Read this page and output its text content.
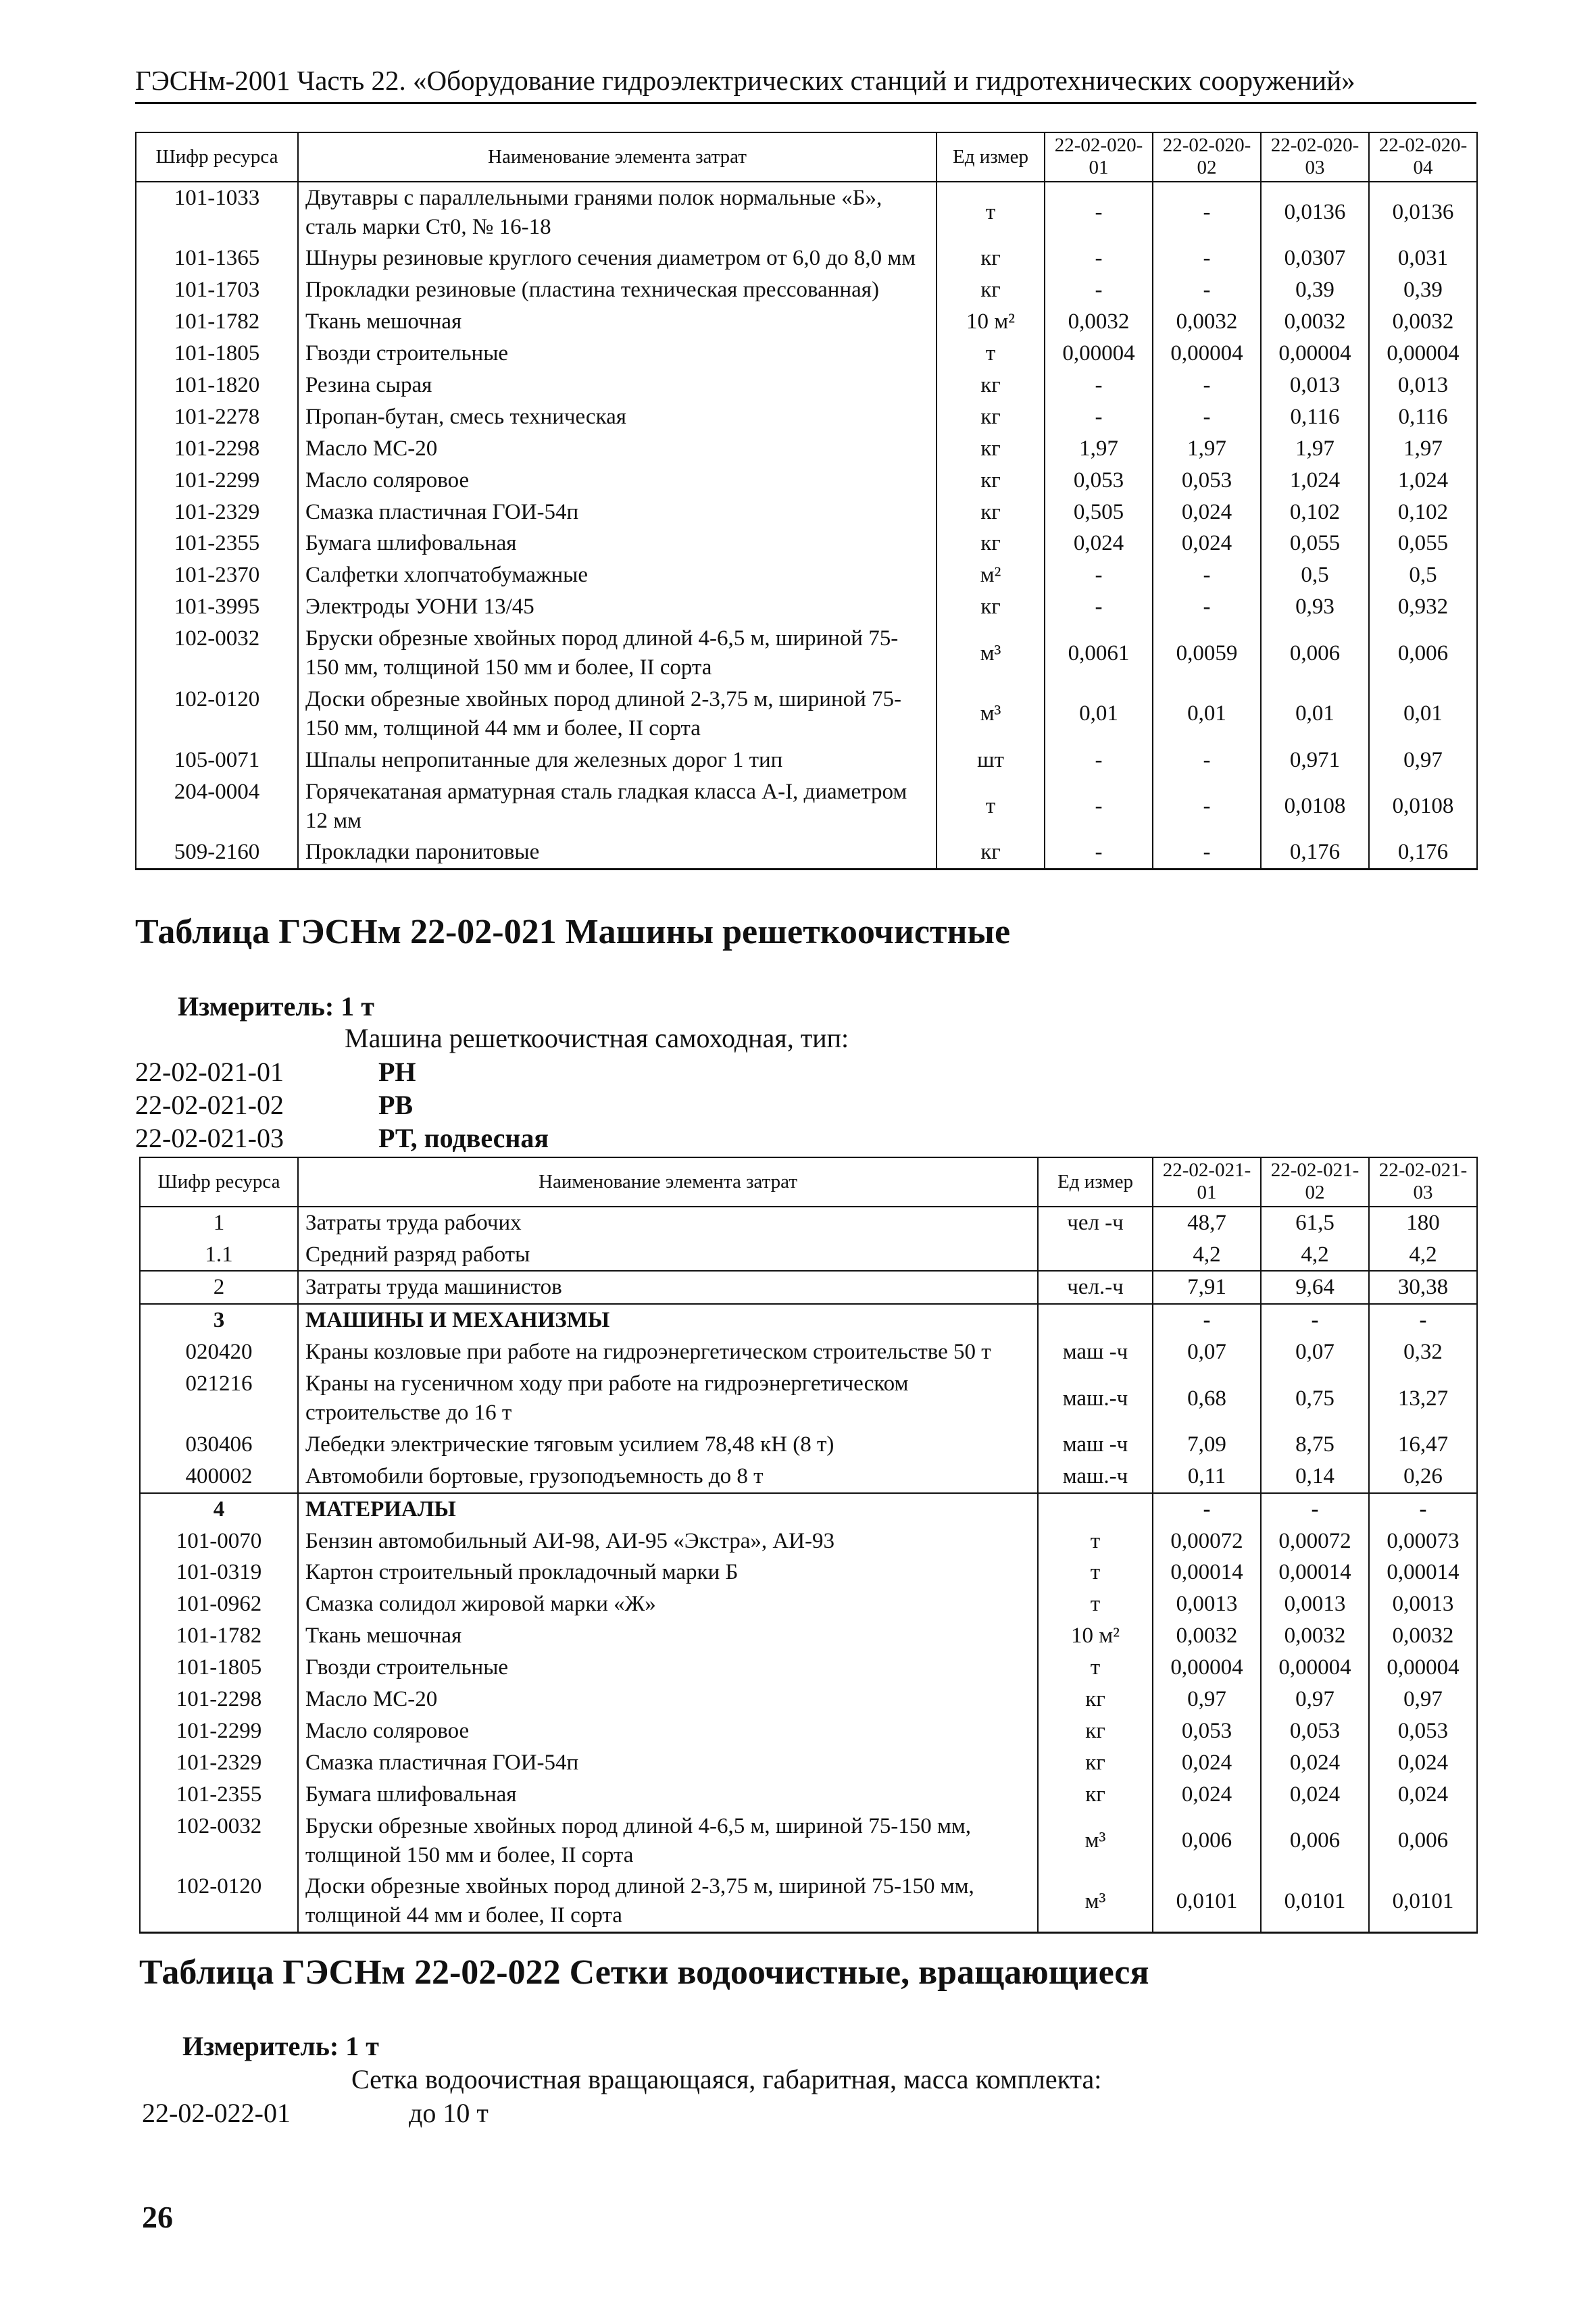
ГЭСНм-2001 Часть 22. «Оборудование гидроэлектрических станций и гидротехнических сооружений»
Шифр ресурса	Наименование элемента затрат	Ед измер	22-02-020-01	22-02-020-02	22-02-020-03	22-02-020-04
101-1033	Двутавры с параллельными гранями полок нормальные «Б», сталь марки Ст0, № 16-18	т	-	-	0,0136	0,0136
101-1365	Шнуры резиновые круглого сечения диаметром от 6,0 до 8,0 мм	кг	-	-	0,0307	0,031
101-1703	Прокладки резиновые (пластина техническая прессованная)	кг	-	-	0,39	0,39
101-1782	Ткань мешочная	10 м²	0,0032	0,0032	0,0032	0,0032
101-1805	Гвозди строительные	т	0,00004	0,00004	0,00004	0,00004
101-1820	Резина сырая	кг	-	-	0,013	0,013
101-2278	Пропан-бутан, смесь техническая	кг	-	-	0,116	0,116
101-2298	Масло МС-20	кг	1,97	1,97	1,97	1,97
101-2299	Масло соляровое	кг	0,053	0,053	1,024	1,024
101-2329	Смазка пластичная ГОИ-54п	кг	0,505	0,024	0,102	0,102
101-2355	Бумага шлифовальная	кг	0,024	0,024	0,055	0,055
101-2370	Салфетки хлопчатобумажные	м²	-	-	0,5	0,5
101-3995	Электроды УОНИ 13/45	кг	-	-	0,93	0,932
102-0032	Бруски обрезные хвойных пород длиной 4-6,5 м, шириной 75-150 мм, толщиной 150 мм и более, II сорта	м³	0,0061	0,0059	0,006	0,006
102-0120	Доски обрезные хвойных пород длиной 2-3,75 м, шириной 75-150 мм, толщиной 44 мм и более, II сорта	м³	0,01	0,01	0,01	0,01
105-0071	Шпалы непропитанные для железных дорог 1 тип	шт	-	-	0,971	0,97
204-0004	Горячекатаная арматурная сталь гладкая класса А-I, диаметром 12 мм	т	-	-	0,0108	0,0108
509-2160	Прокладки паронитовые	кг	-	-	0,176	0,176
Таблица ГЭСНм 22-02-021 Машины решеткоочистные
Измеритель: 1 т
Машина решеткоочистная самоходная, тип:
22-02-021-01	РН
22-02-021-02	РВ
22-02-021-03	РТ, подвесная
Шифр ресурса	Наименование элемента затрат	Ед измер	22-02-021-01	22-02-021-02	22-02-021-03
1	Затраты труда рабочих	чел -ч	48,7	61,5	180
1.1	Средний разряд работы		4,2	4,2	4,2
2	Затраты труда машинистов	чел.-ч	7,91	9,64	30,38
3	МАШИНЫ И МЕХАНИЗМЫ		-	-	-
020420	Краны козловые при работе на гидроэнергетическом строительстве 50 т	маш -ч	0,07	0,07	0,32
021216	Краны на гусеничном ходу при работе на гидроэнергетическом строительстве до 16 т	маш.-ч	0,68	0,75	13,27
030406	Лебедки электрические тяговым усилием 78,48 кН (8 т)	маш -ч	7,09	8,75	16,47
400002	Автомобили бортовые, грузоподъемность до 8 т	маш.-ч	0,11	0,14	0,26
4	МАТЕРИАЛЫ		-	-	-
101-0070	Бензин автомобильный АИ-98, АИ-95 «Экстра», АИ-93	т	0,00072	0,00072	0,00073
101-0319	Картон строительный прокладочный марки Б	т	0,00014	0,00014	0,00014
101-0962	Смазка солидол жировой марки «Ж»	т	0,0013	0,0013	0,0013
101-1782	Ткань мешочная	10 м²	0,0032	0,0032	0,0032
101-1805	Гвозди строительные	т	0,00004	0,00004	0,00004
101-2298	Масло МС-20	кг	0,97	0,97	0,97
101-2299	Масло соляровое	кг	0,053	0,053	0,053
101-2329	Смазка пластичная ГОИ-54п	кг	0,024	0,024	0,024
101-2355	Бумага шлифовальная	кг	0,024	0,024	0,024
102-0032	Бруски обрезные хвойных пород длиной 4-6,5 м, шириной 75-150 мм, толщиной 150 мм и более, II сорта	м³	0,006	0,006	0,006
102-0120	Доски обрезные хвойных пород длиной 2-3,75 м, шириной 75-150 мм, толщиной 44 мм и более, II сорта	м³	0,0101	0,0101	0,0101
Таблица ГЭСНм 22-02-022 Сетки водоочистные, вращающиеся
Измеритель: 1 т
Сетка водоочистная вращающаяся, габаритная, масса комплекта:
22-02-022-01	до 10 т
26
